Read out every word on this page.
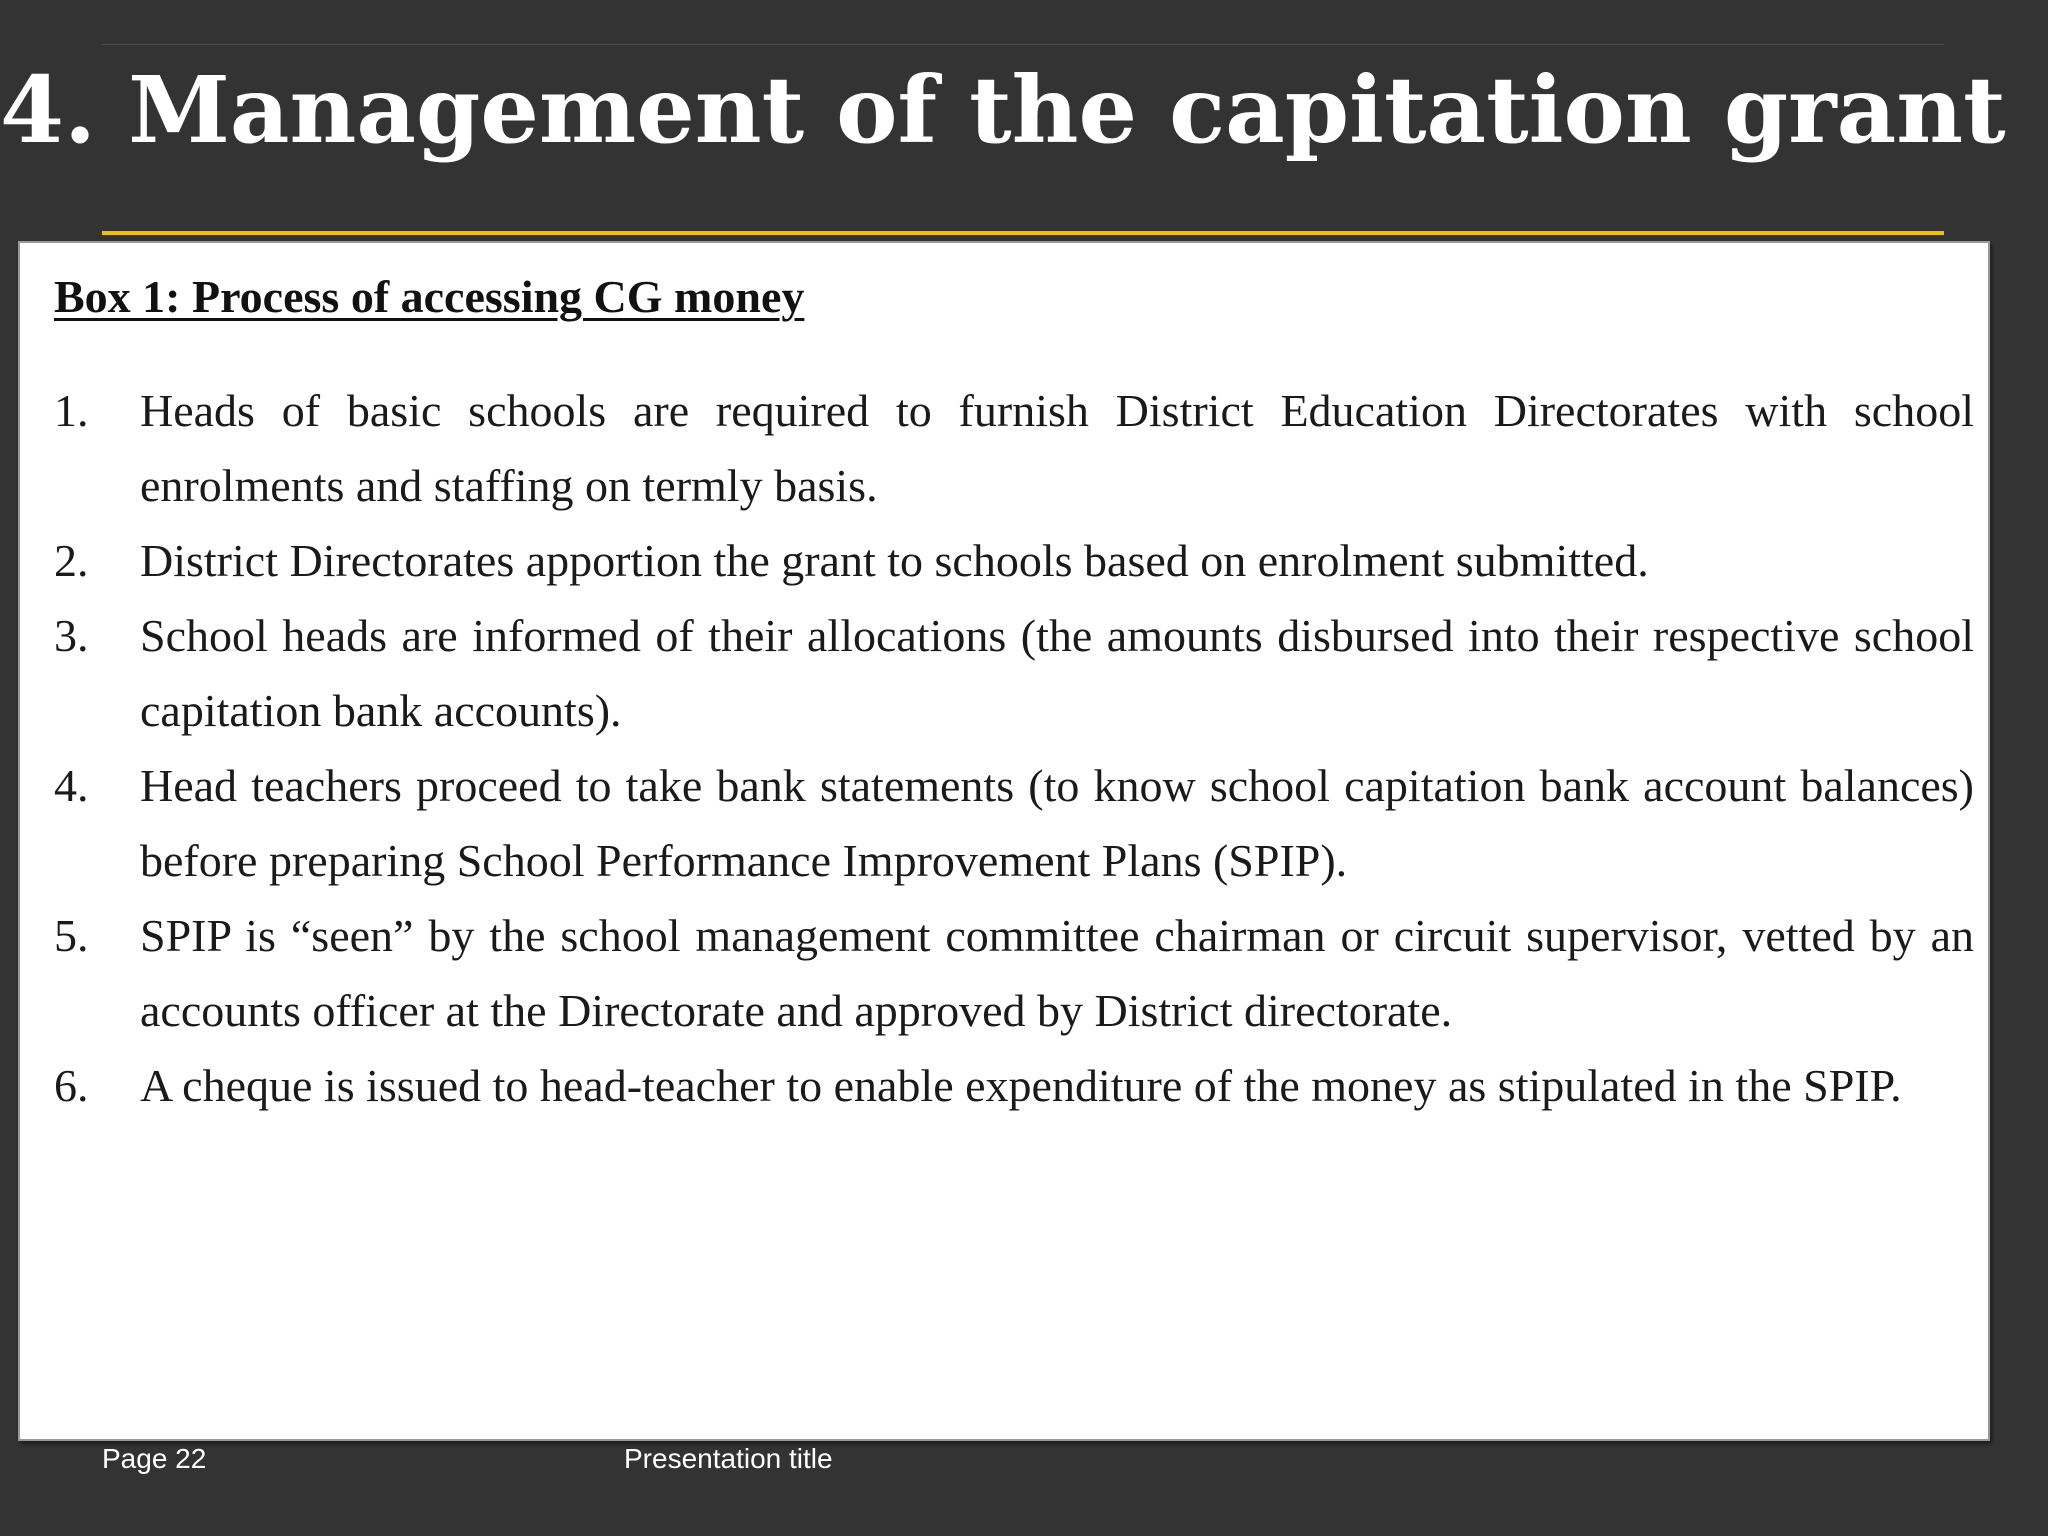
4. Management of the capitation grant
Box 1: Process of accessing CG money
1. Heads of basic schools are required to furnish District Education Directorates with school enrolments and staffing on termly basis.
2. District Directorates apportion the grant to schools based on enrolment submitted.
3. School heads are informed of their allocations (the amounts disbursed into their respective school capitation bank accounts).
4. Head teachers proceed to take bank statements (to know school capitation bank account balances) before preparing School Performance Improvement Plans (SPIP).
5. SPIP is “seen” by the school management committee chairman or circuit supervisor, vetted by an accounts officer at the Directorate and approved by District directorate.
6. A cheque is issued to head-teacher to enable expenditure of the money as stipulated in the SPIP.
Page 22	Presentation title
